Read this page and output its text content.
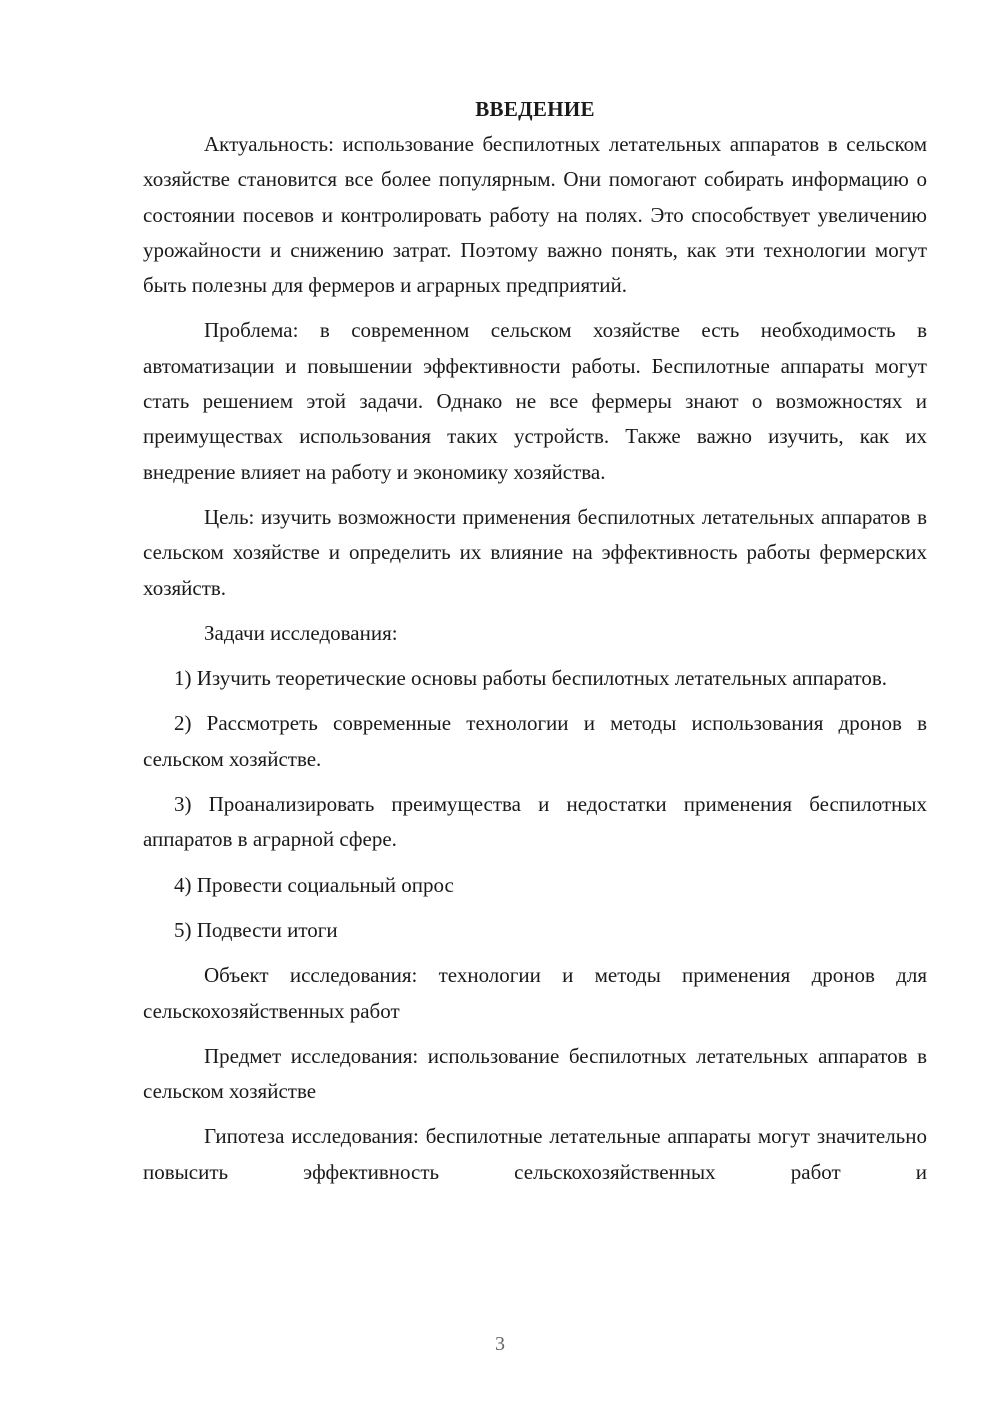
ВВЕДЕНИЕ

Актуальность: использование беспилотных летательных аппаратов в сельском хозяйстве становится все более популярным. Они помогают собирать информацию о состоянии посевов и контролировать работу на полях. Это способствует увеличению урожайности и снижению затрат. Поэтому важно понять, как эти технологии могут быть полезны для фермеров и аграрных предприятий.

Проблема: в современном сельском хозяйстве есть необходимость в автоматизации и повышении эффективности работы. Беспилотные аппараты могут стать решением этой задачи. Однако не все фермеры знают о возможностях и преимуществах использования таких устройств. Также важно изучить, как их внедрение влияет на работу и экономику хозяйства.

Цель: изучить возможности применения беспилотных летательных аппаратов в сельском хозяйстве и определить их влияние на эффективность работы фермерских хозяйств.

Задачи исследования:

1) Изучить теоретические основы работы беспилотных летательных аппаратов.

2) Рассмотреть современные технологии и методы использования дронов в сельском хозяйстве.

3) Проанализировать преимущества и недостатки применения беспилотных аппаратов в аграрной сфере.

4) Провести социальный опрос

5) Подвести итоги

Объект исследования: технологии и методы применения дронов для сельскохозяйственных работ

Предмет исследования: использование беспилотных летательных аппаратов в сельском хозяйстве

Гипотеза исследования: беспилотные летательные аппараты могут значительно повысить эффективность сельскохозяйственных работ и

3
